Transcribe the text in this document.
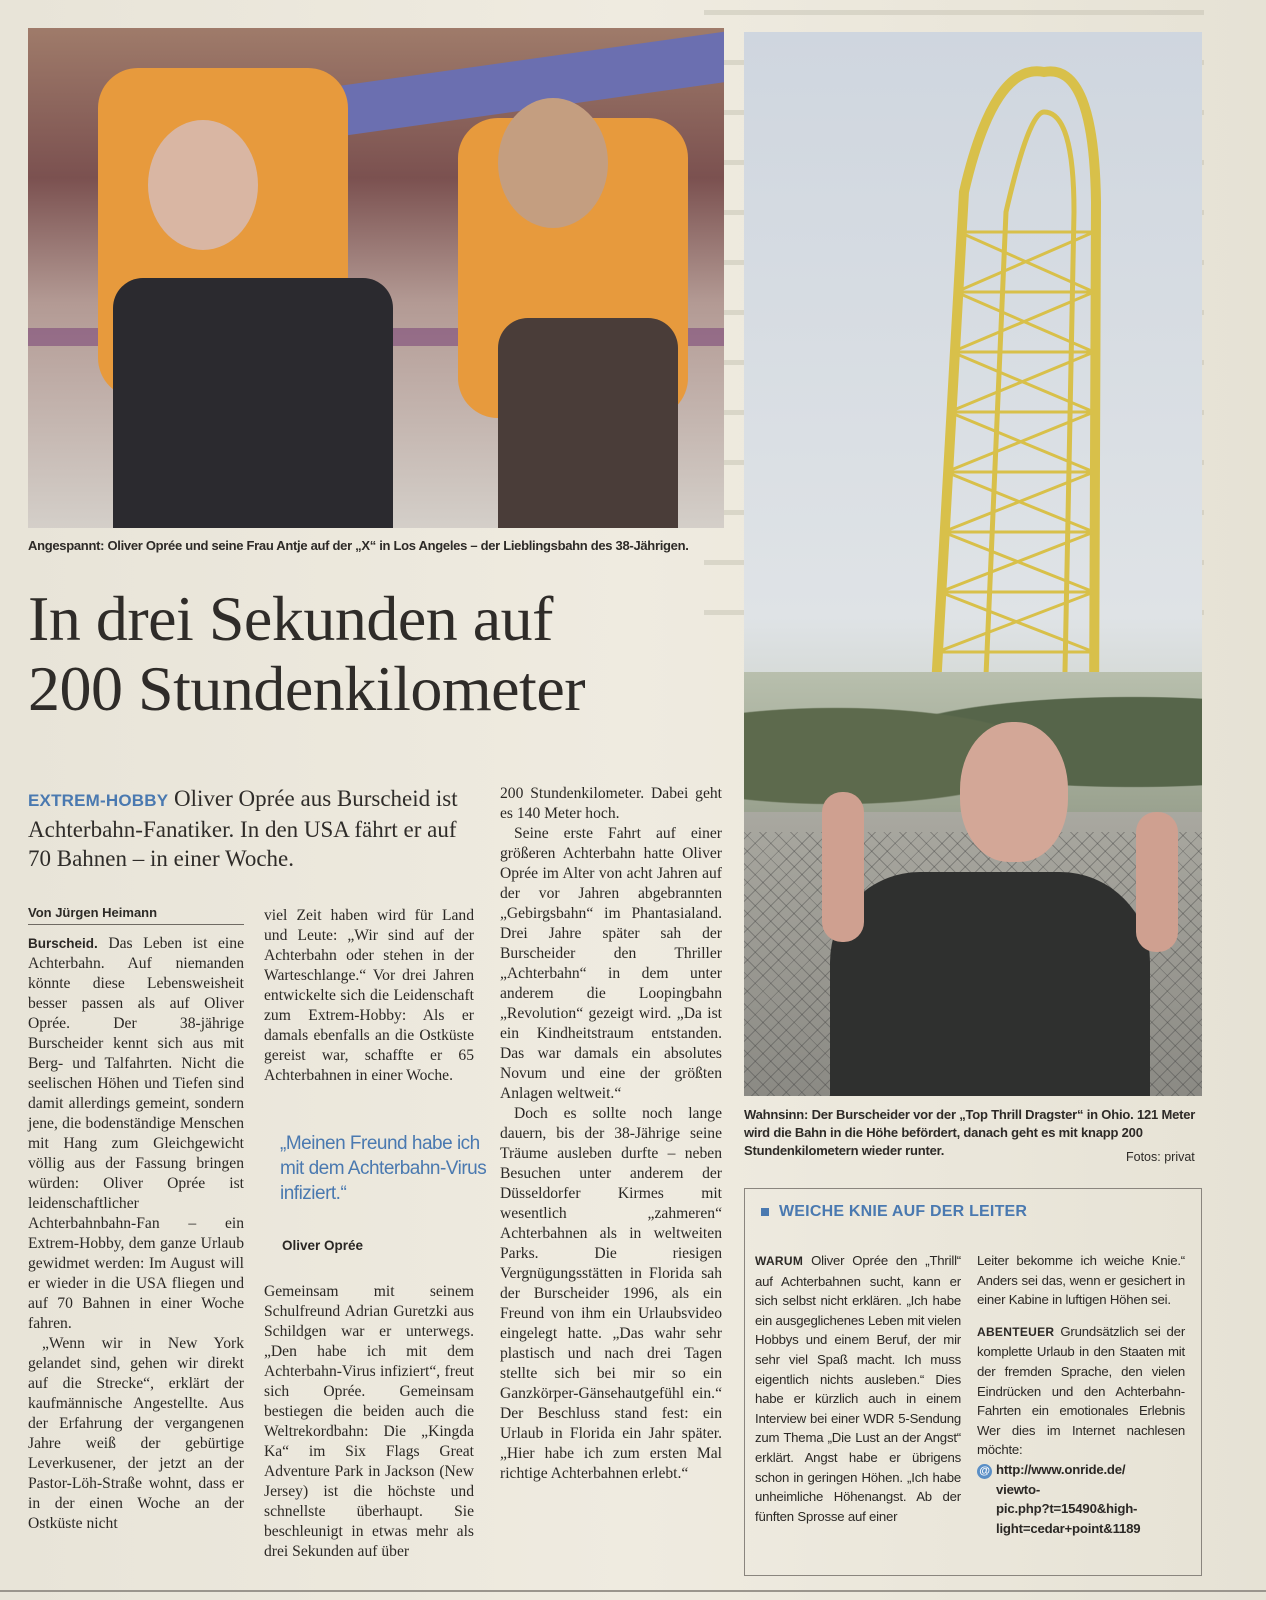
Angespannt: Oliver Oprée und seine Frau Antje auf der „X“ in Los Angeles – der Lieblingsbahn des 38-Jährigen.
Wahnsinn: Der Burscheider vor der „Top Thrill Dragster“ in Ohio. 121 Meter wird die Bahn in die Höhe befördert, danach geht es mit knapp 200 Stundenkilometern wieder runter.	Fotos: privat
In drei Sekunden auf
200 Stundenkilometer
EXTREM-HOBBY Oliver Oprée aus Burscheid ist Achterbahn-Fanatiker. In den USA fährt er auf 70 Bahnen – in einer Woche.
Von Jürgen Heimann

Burscheid. Das Leben ist eine Achterbahn. Auf niemanden könnte diese Lebensweisheit besser passen als auf Oliver Oprée. Der 38-jährige Burscheider kennt sich aus mit Berg- und Talfahrten. Nicht die seelischen Höhen und Tiefen sind damit allerdings gemeint, sondern jene, die bodenständige Menschen mit Hang zum Gleichgewicht völlig aus der Fassung bringen würden: Oliver Oprée ist leidenschaftlicher Achterbahnbahn-Fan – ein Extrem-Hobby, dem ganze Urlaub gewidmet werden: Im August will er wieder in die USA fliegen und auf 70 Bahnen in einer Woche fahren.

„Wenn wir in New York gelandet sind, gehen wir direkt auf die Strecke“, erklärt der kaufmännische Angestellte. Aus der Erfahrung der vergangenen Jahre weiß der gebürtige Leverkusener, der jetzt an der Pastor-Löh-Straße wohnt, dass er in der einen Woche an der Ostküste nicht

viel Zeit haben wird für Land und Leute: „Wir sind auf der Achterbahn oder stehen in der Warteschlange.“ Vor drei Jahren entwickelte sich die Leidenschaft zum Extrem-Hobby: Als er damals ebenfalls an die Ostküste gereist war, schaffte er 65 Achterbahnen in einer Woche.

„Meinen Freund habe ich mit dem Achterbahn-Virus infiziert.“
Oliver Oprée

Gemeinsam mit seinem Schulfreund Adrian Guretzki aus Schildgen war er unterwegs. „Den habe ich mit dem Achterbahn-Virus infiziert“, freut sich Oprée. Gemeinsam bestiegen die beiden auch die Weltrekordbahn: Die „Kingda Ka“ im Six Flags Great Adventure Park in Jackson (New Jersey) ist die höchste und schnellste überhaupt. Sie beschleunigt in etwas mehr als drei Sekunden auf über

200 Stundenkilometer. Dabei geht es 140 Meter hoch.

Seine erste Fahrt auf einer größeren Achterbahn hatte Oliver Oprée im Alter von acht Jahren auf der vor Jahren abgebrannten „Gebirgsbahn“ im Phantasialand. Drei Jahre später sah der Burscheider den Thriller „Achterbahn“ in dem unter anderem die Loopingbahn „Revolution“ gezeigt wird. „Da ist ein Kindheitstraum entstanden. Das war damals ein absolutes Novum und eine der größten Anlagen weltweit.“

Doch es sollte noch lange dauern, bis der 38-Jährige seine Träume ausleben durfte – neben Besuchen unter anderem der Düsseldorfer Kirmes mit wesentlich „zahmeren“ Achterbahnen als in weltweiten Parks. Die riesigen Vergnügungsstätten in Florida sah der Burscheider 1996, als ein Freund von ihm ein Urlaubsvideo eingelegt hatte. „Das wahr sehr plastisch und nach drei Tagen stellte sich bei mir so ein Ganzkörper-Gänsehautgefühl ein.“ Der Beschluss stand fest: ein Urlaub in Florida ein Jahr später. „Hier habe ich zum ersten Mal richtige Achterbahnen erlebt.“

WEICHE KNIE AUF DER LEITER

WARUM Oliver Oprée den „Thrill“ auf Achterbahnen sucht, kann er sich selbst nicht erklären. „Ich habe ein ausgeglichenes Leben mit vielen Hobbys und einem Beruf, der mir sehr viel Spaß macht. Ich muss eigentlich nichts ausleben.“ Dies habe er kürzlich auch in einem Interview bei einer WDR 5-Sendung zum Thema „Die Lust an der Angst“ erklärt. Angst habe er übrigens schon in geringen Höhen. „Ich habe unheimliche Höhenangst. Ab der fünften Sprosse auf einer

Leiter bekomme ich weiche Knie.“ Anders sei das, wenn er gesichert in einer Kabine in luftigen Höhen sei.

ABENTEUER Grundsätzlich sei der komplette Urlaub in den Staaten mit der fremden Sprache, den vielen Eindrücken und den Achterbahn-Fahrten ein emotionales Erlebnis Wer dies im Internet nachlesen möchte:

@ http://www.onride.de/

viewto-

pic.php?t=15490&high-

light=cedar+point&1189
